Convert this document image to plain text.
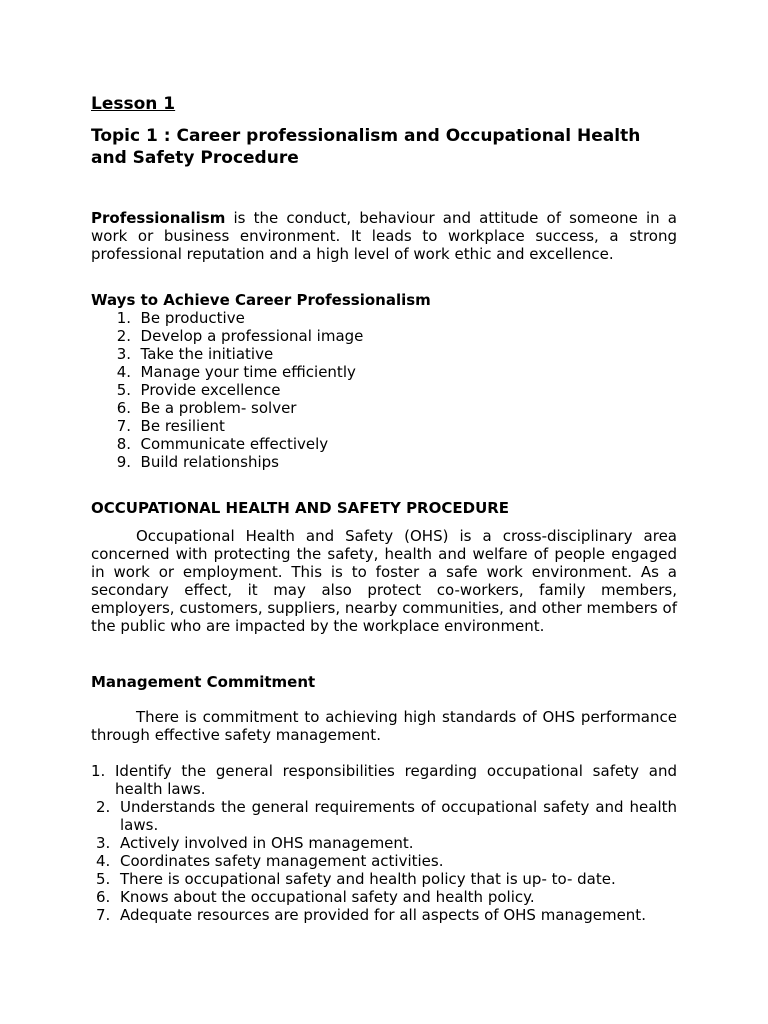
Lesson 1
Topic 1 : Career professionalism and Occupational Health and Safety Procedure

Professionalism is the conduct, behaviour and attitude of someone in a work or business environment. It leads to workplace success, a strong professional reputation and a high level of work ethic and excellence.

Ways to Achieve Career Professionalism

1.
Be productive
2.
Develop a professional image
3.
Take the initiative
4.
Manage your time efficiently
5.
Provide excellence
6.
Be a problem- solver
7.
Be resilient
8.
Communicate effectively
9.
Build relationships

OCCUPATIONAL HEALTH AND SAFETY PROCEDURE

Occupational Health and Safety (OHS) is a cross-disciplinary area concerned with protecting the safety, health and welfare of people engaged in work or employment. This is to foster a safe work environment. As a secondary effect, it may also protect co-workers, family members, employers, customers, suppliers, nearby communities, and other members of the public who are impacted by the workplace environment.

Management Commitment

There is commitment to achieving high standards of OHS performance through effective safety management.

1. Identify the general responsibilities regarding occupational safety and health laws.
2. Understands the general requirements of occupational safety and health laws.
3. Actively involved in OHS management.
4. Coordinates safety management activities.
5. There is occupational safety and health policy that is up- to- date.
6. Knows about the occupational safety and health policy.
7. Adequate resources are provided for all aspects of OHS management.
